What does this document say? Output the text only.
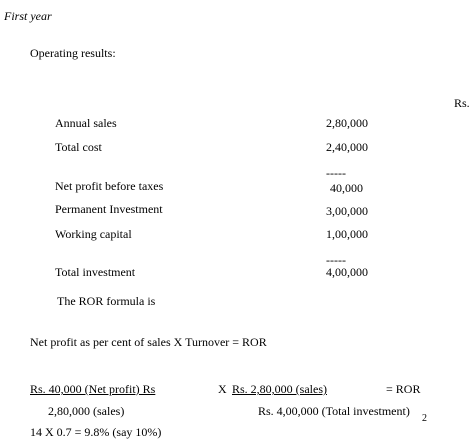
First year
Operating results:
Rs.
Annual sales	2,80,000
Total cost	2,40,000
-----
Net profit before taxes	40,000
Permanent Investment	3,00,000
Working capital	1,00,000
-----
Total investment	4,00,000
The ROR formula is
Net profit as per cent of sales X Turnover = ROR
Rs. 40,000 (Net profit) Rs
2,80,000 (sales)
X Rs. 2,80,000 (sales)	= ROR
Rs. 4,00,000 (Total investment)
2
14 X 0.7 = 9.8% (say 10%)
